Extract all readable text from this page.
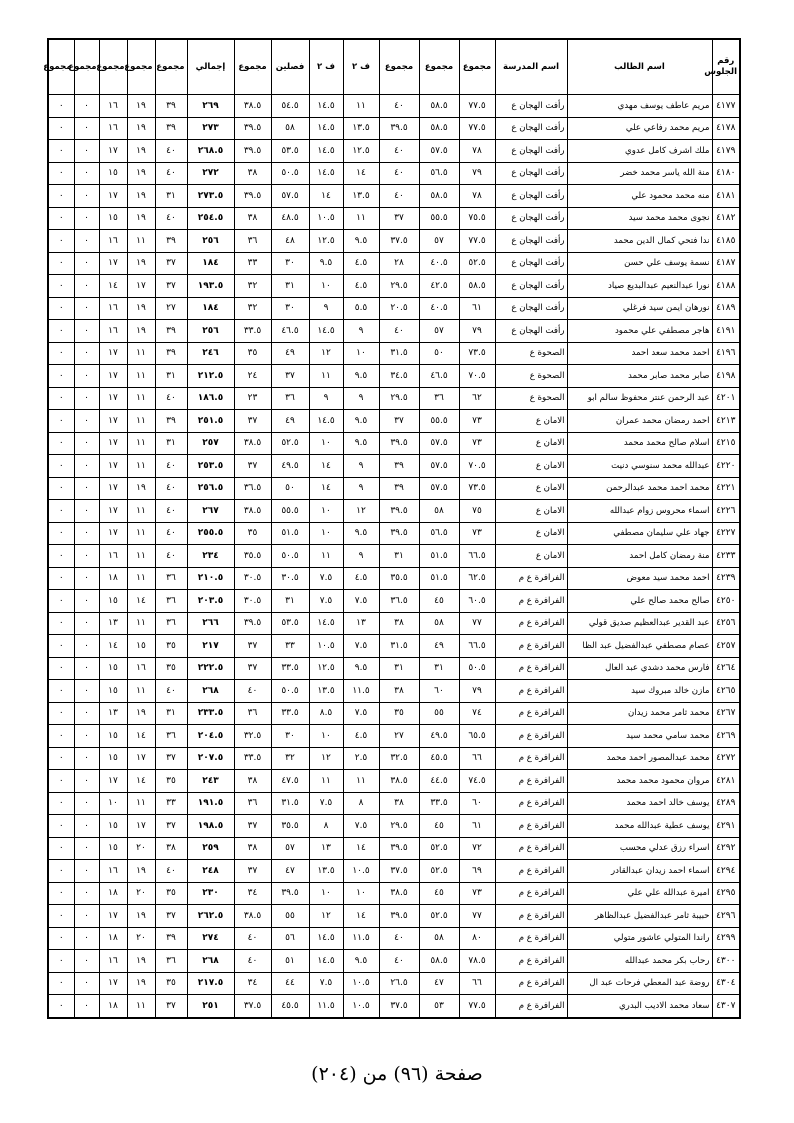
رقم الجلوس	اسم الطالب	اسم المدرسة	مجموع	مجموع	مجموع	ف ٢	ف ٢	فصلين	مجموع	إجمالي	مجموع	مجموع	مجموع	مجموع	مجموع
٤١٧٧	مريم عاطف يوسف مهدي	رأفت الهجان ع	٧٧.٥	٥٨.٥	٤٠	١١	١٤.٥	٥٤.٥	٣٨.٥	٢٦٩	٣٩	١٩	١٦	٠	٠
٤١٧٨	مريم محمد رفاعي علي	رأفت الهجان ع	٧٧.٥	٥٨.٥	٣٩.٥	١٣.٥	١٤.٥	٥٨	٣٩.٥	٢٧٣	٣٩	١٩	١٦	٠	٠
٤١٧٩	ملك اشرف كامل عدوي	رأفت الهجان ع	٧٨	٥٧.٥	٤٠	١٢.٥	١٤.٥	٥٣.٥	٣٩.٥	٢٦٨.٥	٤٠	١٩	١٧	٠	٠
٤١٨٠	منة الله ياسر محمد خضر	رأفت الهجان ع	٧٩	٥٦.٥	٤٠	١٤	١٤.٥	٥٠.٥	٣٨	٢٧٢	٤٠	١٩	١٥	٠	٠
٤١٨١	منه محمد محمود علي	رأفت الهجان ع	٧٨	٥٨.٥	٤٠	١٣.٥	١٤	٥٧.٥	٣٩.٥	٢٧٣.٥	٣١	١٩	١٧	٠	٠
٤١٨٢	نجوى محمد محمد سيد	رأفت الهجان ع	٧٥.٥	٥٥.٥	٣٧	١١	١٠.٥	٤٨.٥	٣٨	٢٥٤.٥	٤٠	١٩	١٥	٠	٠
٤١٨٥	ندا فتحي كمال الدين محمد	رأفت الهجان ع	٧٧.٥	٥٧	٣٧.٥	٩.٥	١٢.٥	٤٨	٣٦	٢٥٦	٣٩	١١	١٦	٠	٠
٤١٨٧	نسمة يوسف علي حسن	رأفت الهجان ع	٥٢.٥	٤٠.٥	٢٨	٤.٥	٩.٥	٣٠	٣٣	١٨٤	٣٧	١٩	١٧	٠	٠
٤١٨٨	نورا عبدالنعيم عبدالبديع صياد	رأفت الهجان ع	٥٨.٥	٤٢.٥	٢٩.٥	٤.٥	١٠	٣١	٣٢	١٩٣.٥	٣٧	١٧	١٤	٠	٠
٤١٨٩	نورهان ايمن سيد فرغلي	رأفت الهجان ع	٦١	٤٠.٥	٢٠.٥	٥.٥	٩	٣٠	٣٢	١٨٤	٢٧	١٩	١٦	٠	٠
٤١٩١	هاجر مصطفي علي محمود	رأفت الهجان ع	٧٩	٥٧	٤٠	٩	١٤.٥	٤٦.٥	٣٣.٥	٢٥٦	٣٩	١٩	١٦	٠	٠
٤١٩٦	احمد محمد سعد احمد	الصحوة ع	٧٣.٥	٥٠	٣١.٥	١٠	١٢	٤٩	٣٥	٢٤٦	٣٩	١١	١٧	٠	٠
٤١٩٨	صابر محمد صابر محمد	الصحوة ع	٧٠.٥	٤٦.٥	٣٤.٥	٩.٥	١١	٣٧	٢٤	٢١٢.٥	٣١	١١	١٧	٠	٠
٤٢٠١	عبد الرحمن عنتر محفوظ سالم ابو	الصحوة ع	٦٢	٣٦	٢٩.٥	٩	٩	٣٦	٢٣	١٨٦.٥	٤٠	١١	١٧	٠	٠
٤٢١٣	احمد رمضان محمد عمران	الامان ع	٧٣	٥٥.٥	٣٧	٩.٥	١٤.٥	٤٩	٣٧	٢٥١.٥	٣٩	١١	١٧	٠	٠
٤٢١٥	اسلام صالح محمد محمد	الامان ع	٧٣	٥٧.٥	٣٩.٥	٩.٥	١٠	٥٢.٥	٣٨.٥	٢٥٧	٣١	١١	١٧	٠	٠
٤٢٢٠	عبدالله محمد سنوسي دنيت	الامان ع	٧٠.٥	٥٧.٥	٣٩	٩	١٤	٤٩.٥	٣٧	٢٥٣.٥	٤٠	١١	١٧	٠	٠
٤٢٢١	محمد احمد محمد عبدالرحمن	الامان ع	٧٣.٥	٥٧.٥	٣٩	٩	١٤	٥٠	٣٦.٥	٢٥٦.٥	٤٠	١٩	١٧	٠	٠
٤٢٢٦	اسماء محروس زوام عبدالله	الامان ع	٧٥	٥٨	٣٩.٥	١٢	١٠	٥٥.٥	٣٨.٥	٢٦٧	٤٠	١١	١٧	٠	٠
٤٢٢٧	جهاد علي سليمان مصطفي	الامان ع	٧٣	٥٦.٥	٣٩.٥	٩.٥	١٠	٥١.٥	٣٥	٢٥٥.٥	٤٠	١١	١٧	٠	٠
٤٢٣٣	منة رمضان كامل احمد	الامان ع	٦٦.٥	٥١.٥	٣١	٩	١١	٥٠.٥	٣٥.٥	٢٣٤	٤٠	١١	١٦	٠	٠
٤٢٣٩	احمد محمد سيد معوض	الفرافرة ع م	٦٢.٥	٥١.٥	٣٥.٥	٤.٥	٧.٥	٣٠.٥	٣٠.٥	٢١٠.٥	٣٦	١١	١٨	٠	٠
٤٢٥٠	صالح محمد صالح علي	الفرافرة ع م	٦٠.٥	٤٥	٣٦.٥	٧.٥	٧.٥	٣١	٣٠.٥	٢٠٣.٥	٣٦	١٤	١٥	٠	٠
٤٢٥٦	عبد القدير عبدالعظيم صديق قولي	الفرافرة ع م	٧٧	٥٨	٣٨	١٣	١٤.٥	٥٣.٥	٣٩.٥	٢٦٦	٣٦	١١	١٣	٠	٠
٤٢٥٧	عصام مصطفي عبدالفضيل عبد الظا	الفرافرة ع م	٦٦.٥	٤٩	٣١.٥	٧.٥	١٠.٥	٣٣	٣٧	٢١٧	٣٥	١٥	١٤	٠	٠
٤٢٦٤	فارس محمد دشدي عبد العال	الفرافرة ع م	٥٠.٥	٣١	٣١	٩.٥	١٢.٥	٣٣.٥	٣٧	٢٢٢.٥	٣٥	١٦	١٥	٠	٠
٤٢٦٥	مازن خالد مبروك سيد	الفرافرة ع م	٧٩	٦٠	٣٨	١١.٥	١٣.٥	٥٠.٥	٤٠	٢٦٨	٤٠	١١	١٥	٠	٠
٤٢٦٧	محمد ثامر محمد زيدان	الفرافرة ع م	٧٤	٥٥	٣٥	٧.٥	٨.٥	٣٣.٥	٣٦	٢٣٣.٥	٣١	١٩	١٣	٠	٠
٤٢٦٩	محمد سامي محمد سيد	الفرافرة ع م	٦٥.٥	٤٩.٥	٢٧	٤.٥	١٠	٣٠	٣٢.٥	٢٠٤.٥	٣٦	١٤	١٥	٠	٠
٤٢٧٢	محمد عبدالمصور احمد محمد	الفرافرة ع م	٦٦	٤٥.٥	٣٢.٥	٢.٥	١٢	٣٢	٣٣.٥	٢٠٧.٥	٣٧	١٧	١٥	٠	٠
٤٢٨١	مروان محمود محمد محمد	الفرافرة ع م	٧٤.٥	٤٤.٥	٣٨.٥	١١	١١	٤٧.٥	٣٨	٢٤٣	٣٥	١٤	١٧	٠	٠
٤٢٨٩	يوسف خالد احمد محمد	الفرافرة ع م	٦٠	٣٣.٥	٣٨	٨	٧.٥	٣١.٥	٣٦	١٩١.٥	٣٣	١١	١٠	٠	٠
٤٢٩١	يوسف عطية عبدالله محمد	الفرافرة ع م	٦١	٤٥	٢٩.٥	٧.٥	٨	٣٥.٥	٣٧	١٩٨.٥	٣٧	١٧	١٥	٠	٠
٤٢٩٢	اسراء رزق عدلي محسب	الفرافرة ع م	٧٢	٥٢.٥	٣٩.٥	١٤	١٣	٥٧	٣٨	٢٥٩	٣٨	٢٠	١٥	٠	٠
٤٢٩٤	اسماء احمد زيدان عبدالقادر	الفرافرة ع م	٦٩	٥٢.٥	٣٧.٥	١٠.٥	١٣.٥	٤٧	٣٧	٢٤٨	٤٠	١٩	١٦	٠	٠
٤٢٩٥	اميرة عبدالله علي علي	الفرافرة ع م	٧٣	٤٥	٣٨.٥	١٠	١٠	٣٩.٥	٣٤	٢٣٠	٣٥	٢٠	١٨	٠	٠
٤٢٩٦	حبيبة ثامر عبدالفضيل عبدالظاهر	الفرافرة ع م	٧٧	٥٢.٥	٣٩.٥	١٤	١٢	٥٥	٣٨.٥	٢٦٢.٥	٣٧	١٩	١٧	٠	٠
٤٢٩٩	راندا المتولي عاشور متولي	الفرافرة ع م	٨٠	٥٨	٤٠	١١.٥	١٤.٥	٥٦	٤٠	٢٧٤	٣٩	٢٠	١٨	٠	٠
٤٣٠٠	رحاب بكر محمد عبدالله	الفرافرة ع م	٧٨.٥	٥٨.٥	٤٠	٩.٥	١٤.٥	٥١	٤٠	٢٦٨	٣٦	١٩	١٦	٠	٠
٤٣٠٤	روضة عبد المعطي فرحات عبد ال	الفرافرة ع م	٦٦	٤٧	٢٦.٥	١٠.٥	٧.٥	٤٤	٣٤	٢١٧.٥	٣٥	١٩	١٧	٠	٠
٤٣٠٧	سعاد محمد الاديب البدري	الفرافرة ع م	٧٧.٥	٥٣	٣٧.٥	١٠.٥	١١.٥	٤٥.٥	٣٧.٥	٢٥١	٣٧	١١	١٨	٠	٠
صفحة (٩٦) من (٢٠٤)
